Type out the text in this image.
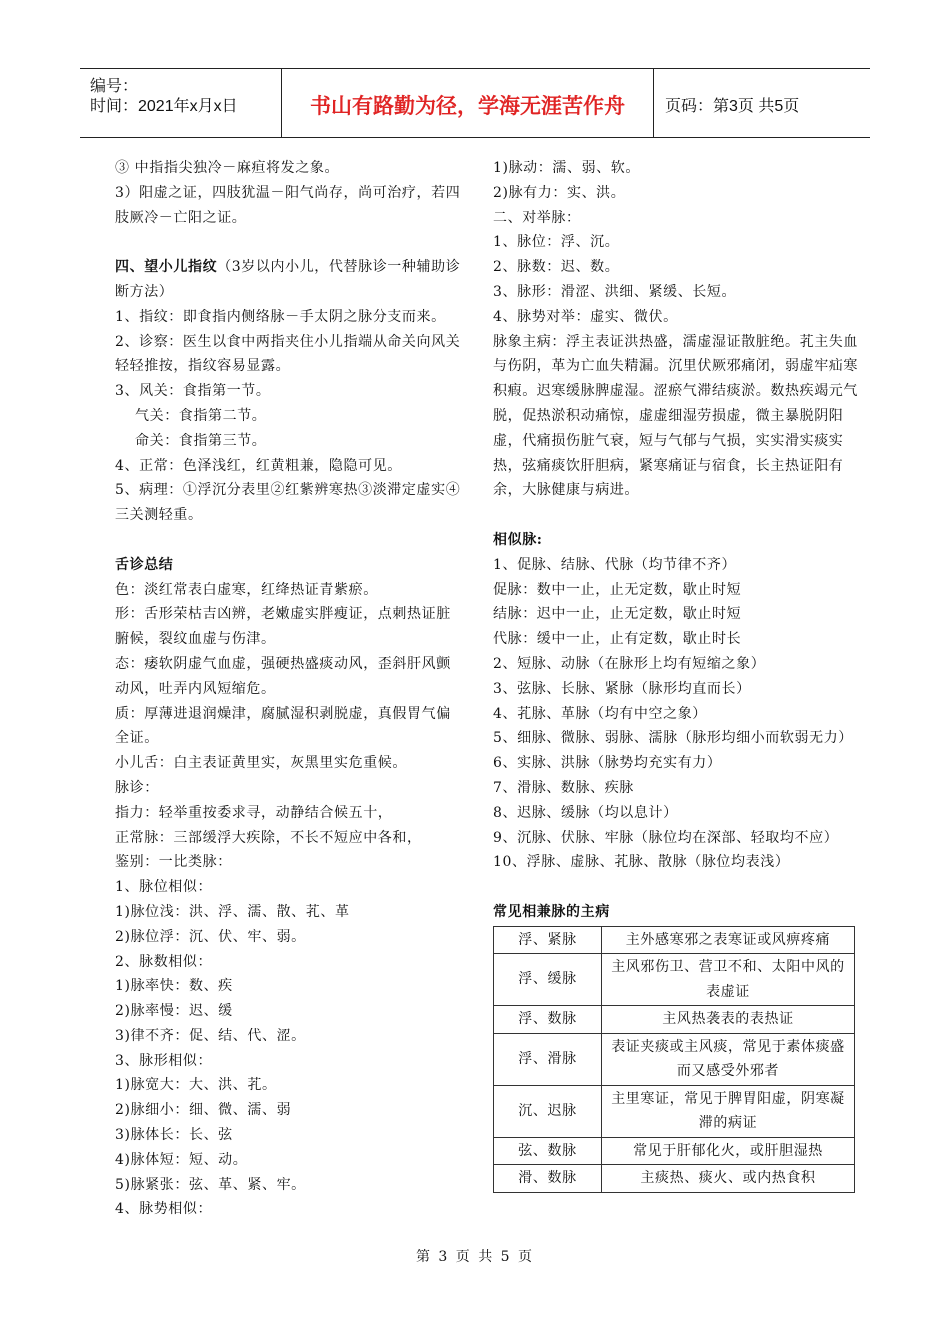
编号：
时间：2021年x月x日	书山有路勤为径，学海无涯苦作舟	页码：第3页 共5页
③ 中指指尖独冷－麻疸将发之象。
3）阳虚之证，四肢犹温－阳气尚存，尚可治疗，若四肢厥冷－亡阳之证。
四、望小儿指纹（3岁以内小儿，代替脉诊一种辅助诊断方法）
1、指纹：即食指内侧络脉－手太阴之脉分支而来。
2、诊察：医生以食中两指夹住小儿指端从命关向风关轻轻推按，指纹容易显露。
3、风关：食指第一节。
气关：食指第二节。
命关：食指第三节。
4、正常：色泽浅红，红黄粗兼，隐隐可见。
5、病理：①浮沉分表里②红紫辨寒热③淡滞定虚实④三关测轻重。
舌诊总结
色：淡红常表白虚寒，红绛热证青紫瘀。
形：舌形荣枯吉凶辨，老嫩虚实胖瘦证，点刺热证脏腑候，裂纹血虚与伤津。
态：痿软阴虚气血虚，强硬热盛痰动风，歪斜肝风颤动风，吐弄内风短缩危。
质：厚薄进退润燥津，腐腻湿积剥脱虚，真假胃气偏全证。
小儿舌：白主表证黄里实，灰黑里实危重候。
脉诊：
指力：轻举重按委求寻，动静结合候五十，
正常脉：三部缓浮大疾除，不长不短应中各和，
鉴别：一比类脉：
1、脉位相似：
1)脉位浅：洪、浮、濡、散、芤、革
2)脉位浮：沉、伏、牢、弱。
2、脉数相似：
1)脉率快：数、疾
2)脉率慢：迟、缓
3)律不齐：促、结、代、涩。
3、脉形相似：
1)脉宽大：大、洪、芤。
2)脉细小：细、微、濡、弱
3)脉体长：长、弦
4)脉体短：短、动。
5)脉紧张：弦、革、紧、牢。
4、脉势相似：
1)脉动：濡、弱、软。
2)脉有力：实、洪。
二、对举脉：
1、脉位：浮、沉。
2、脉数：迟、数。
3、脉形：滑涩、洪细、紧缓、长短。
4、脉势对举：虚实、微伏。
脉象主病：浮主表证洪热盛，濡虚湿证散脏绝。芤主失血与伤阴，革为亡血失精漏。沉里伏厥邪痛闭，弱虚牢疝寒积瘕。迟寒缓脉脾虚湿。涩瘀气滞结痰淤。数热疾竭元气脱，促热淤积动痛惊，虚虚细湿劳损虚，微主暴脱阴阳虚，代痛损伤脏气衰，短与气郁与气损，实实滑实痰实热，弦痛痰饮肝胆病，紧寒痛证与宿食，长主热证阳有余，大脉健康与病进。
相似脉:
1、促脉、结脉、代脉（均节律不齐）
促脉：数中一止，止无定数，歇止时短
结脉：迟中一止，止无定数，歇止时短
代脉：缓中一止，止有定数，歇止时长
2、短脉、动脉（在脉形上均有短缩之象）
3、弦脉、长脉、紧脉（脉形均直而长）
4、芤脉、革脉（均有中空之象）
5、细脉、微脉、弱脉、濡脉（脉形均细小而软弱无力）
6、实脉、洪脉（脉势均充实有力）
7、滑脉、数脉、疾脉
8、迟脉、缓脉（均以息计）
9、沉脉、伏脉、牢脉（脉位均在深部、轻取均不应）
10、浮脉、虚脉、芤脉、散脉（脉位均表浅）
常见相兼脉的主病
浮、紧脉	主外感寒邪之表寒证或风痹疼痛
浮、缓脉	主风邪伤卫、营卫不和、太阳中风的表虚证
浮、数脉	主风热袭表的表热证
浮、滑脉	表证夹痰或主风痰，常见于素体痰盛而又感受外邪者
沉、迟脉	主里寒证，常见于脾胃阳虚，阴寒凝滞的病证
弦、数脉	常见于肝郁化火，或肝胆湿热
滑、数脉	主痰热、痰火、或内热食积
第 3 页 共 5 页
